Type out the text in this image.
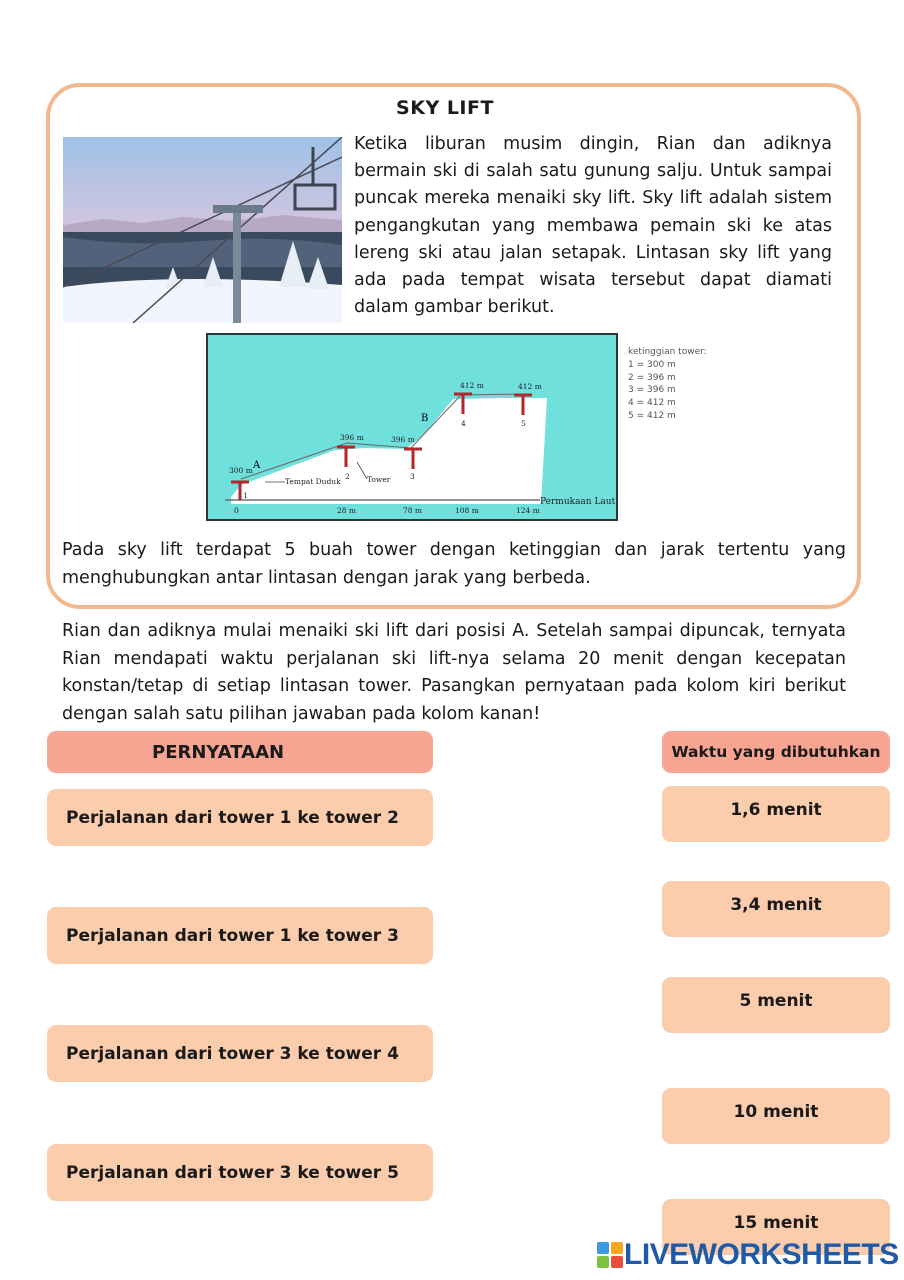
SKY LIFT
Ketika liburan musim dingin, Rian dan adiknya bermain ski di salah satu gunung salju. Untuk sampai puncak mereka menaiki sky lift. Sky lift adalah sistem pengangkutan yang membawa pemain ski ke atas lereng ski atau jalan setapak. Lintasan sky lift yang ada pada tempat wisata tersebut dapat diamati dalam gambar berikut.
300 m
396 m	396 m
412 m	412 m
1
2	3
4	5
Tempat Duduk	Tower
Permukaan Laut
0	28 m	78 m	108 m	124 m
A
B
ketinggian tower:
1 = 300 m
2 = 396 m
3 = 396 m
4 = 412 m
5 = 412 m
Pada sky lift terdapat 5 buah tower dengan ketinggian dan jarak tertentu yang menghubungkan antar lintasan dengan jarak yang berbeda.
Rian dan adiknya mulai menaiki ski lift dari posisi A. Setelah sampai dipuncak, ternyata Rian mendapati waktu perjalanan ski lift-nya selama 20 menit dengan kecepatan konstan/tetap di setiap lintasan tower. Pasangkan pernyataan pada kolom kiri berikut dengan salah satu pilihan jawaban pada kolom kanan!
PERNYATAAN	Waktu yang dibutuhkan
Perjalanan dari tower 1 ke tower 2
Perjalanan dari tower 1 ke tower 3
Perjalanan dari tower 3 ke tower 4
Perjalanan dari tower 3 ke tower 5
1,6 menit
3,4 menit
5 menit
10 menit
15 menit
LIVEWORKSHEETS
